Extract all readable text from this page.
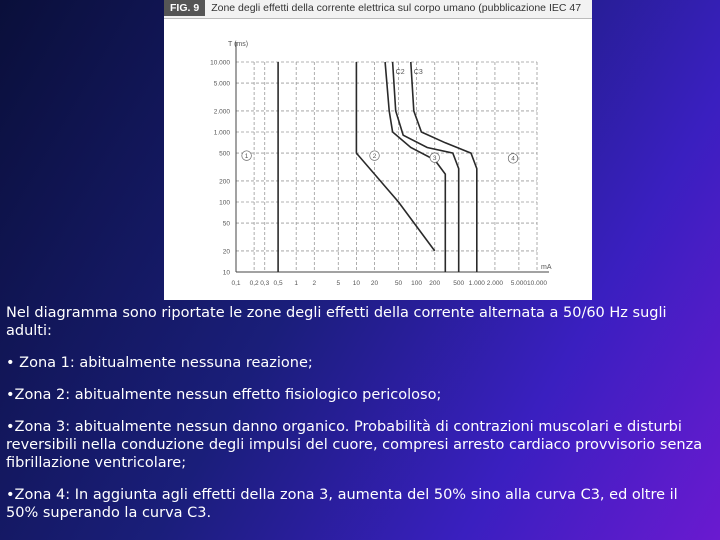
FIG. 9 Zone degli effetti della corrente elettrica sul corpo umano (pubblicazione IEC 47
0,1 0,2 0,3 0,5 1 2	5 10 20	50 100 200 500 1.000 2.000 5.000 10.000
10
20
50
100
200
500
1.000
2.000
5.000
10.000
T (ms)
mA
C2 C3
1	2	3	4

Nel diagramma sono riportate le zone degli effetti della corrente alternata a 50/60 Hz sugli adulti:

• Zona 1: abitualmente nessuna reazione;

•Zona 2: abitualmente nessun effetto fisiologico pericoloso;

•Zona 3: abitualmente nessun danno organico. Probabilità di contrazioni muscolari e disturbi reversibili nella conduzione degli impulsi del cuore, compresi arresto cardiaco provvisorio senza fibrillazione ventricolare;

•Zona 4: In aggiunta agli effetti della zona 3, aumenta del 50% sino alla curva C3, ed oltre il 50% superando la curva C3.
